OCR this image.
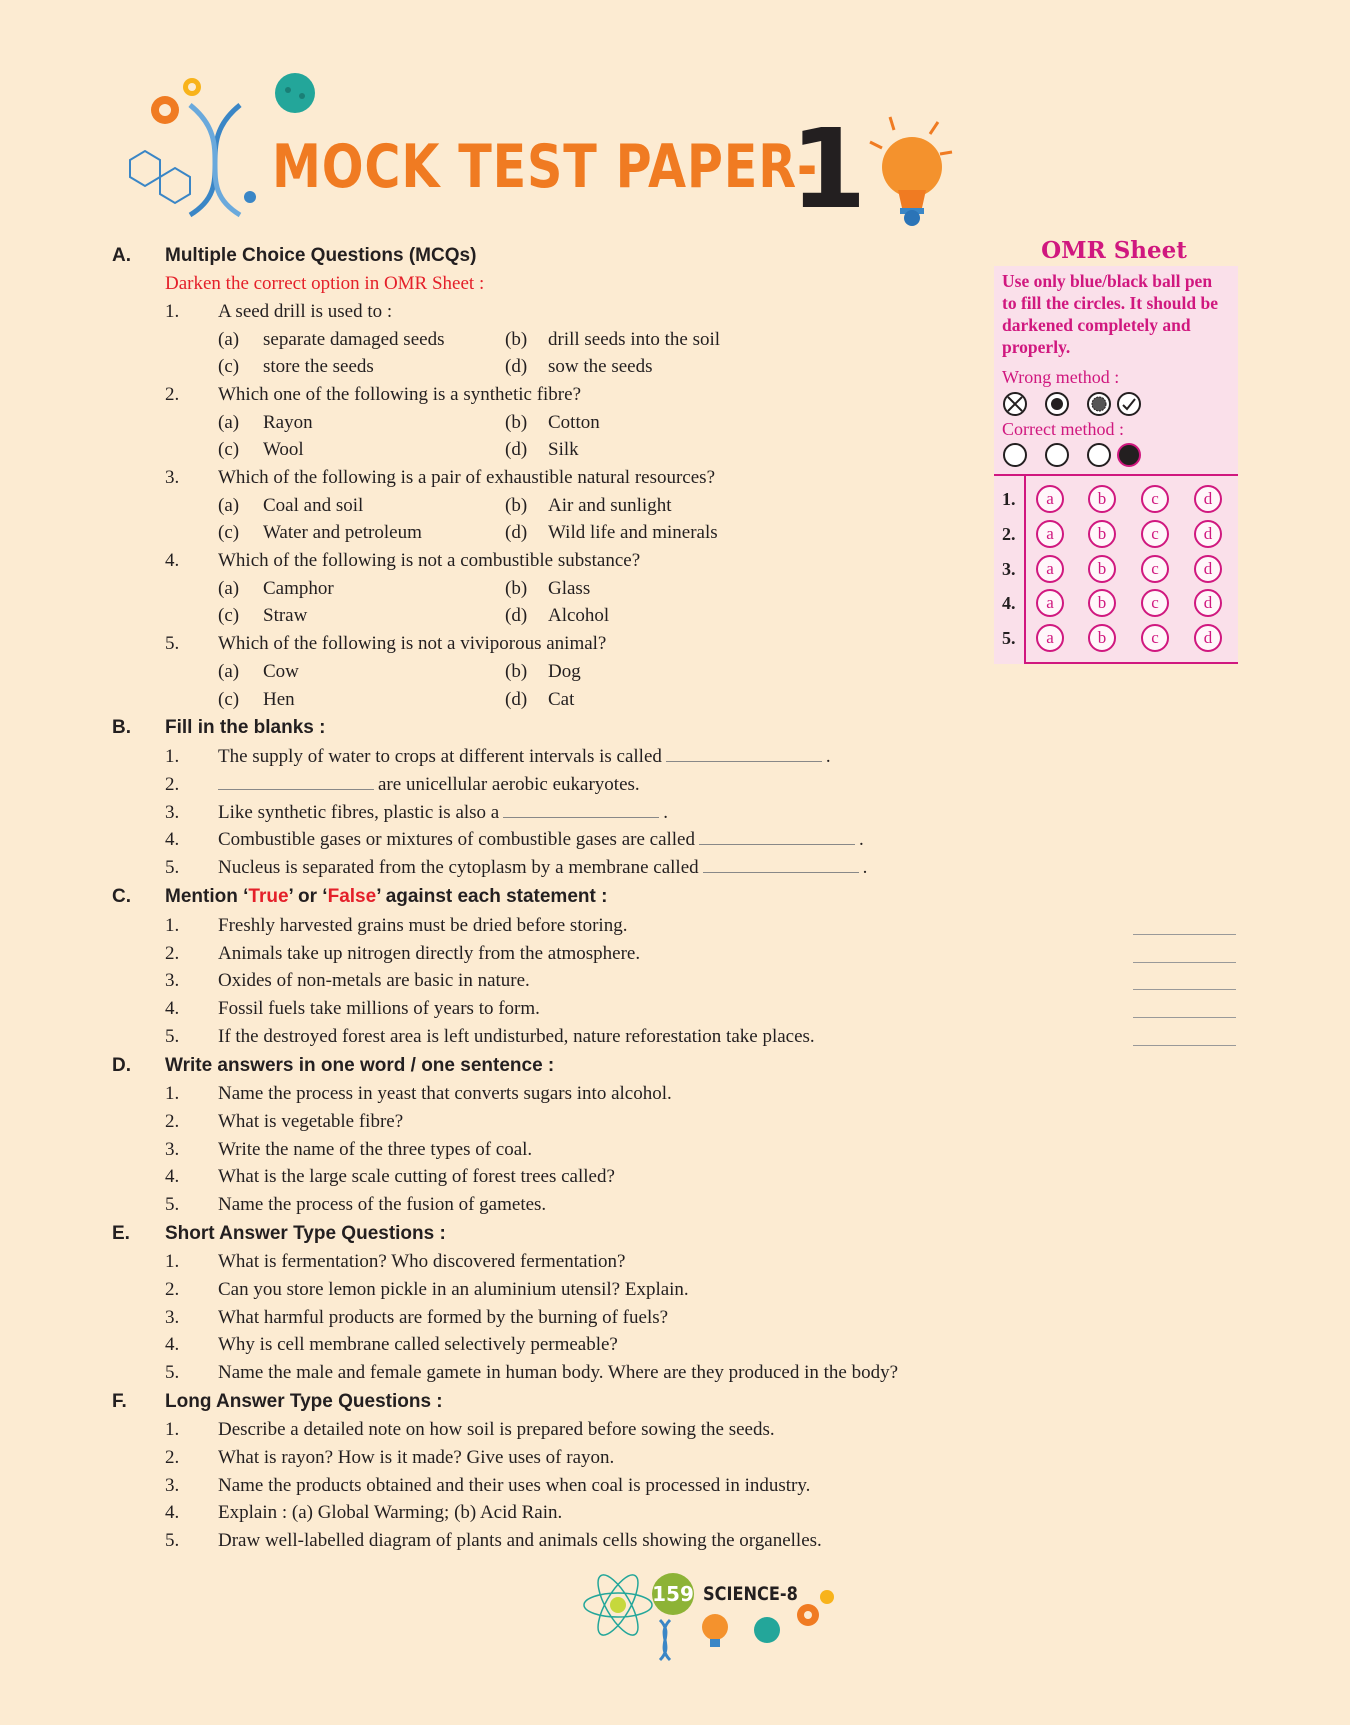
MOCK TEST PAPER-
1
A. Multiple Choice Questions (MCQs)
Darken the correct option in OMR Sheet :
1. A seed drill is used to :
(a) separate damaged seeds	(b) drill seeds into the soil
(c) store the seeds	(d) sow the seeds
2. Which one of the following is a synthetic fibre?
(a) Rayon	(b) Cotton
(c) Wool	(d) Silk
3. Which of the following is a pair of exhaustible natural resources?
(a) Coal and soil	(b) Air and sunlight
(c) Water and petroleum	(d) Wild life and minerals
4. Which of the following is not a combustible substance?
(a) Camphor	(b) Glass
(c) Straw	(d) Alcohol
5. Which of the following is not a viviporous animal?
(a) Cow	(b) Dog
(c) Hen	(d) Cat
B. Fill in the blanks :
1. The supply of water to crops at different intervals is called	.
2.	are unicellular aerobic eukaryotes.
3. Like synthetic fibres, plastic is also a	.
4. Combustible gases or mixtures of combustible gases are called	.
5. Nucleus is separated from the cytoplasm by a membrane called	.
C. Mention ‘True’ or ‘False’ against each statement :
1. Freshly harvested grains must be dried before storing.
2. Animals take up nitrogen directly from the atmosphere.
3. Oxides of non-metals are basic in nature.
4. Fossil fuels take millions of years to form.
5. If the destroyed forest area is left undisturbed, nature reforestation take places.
D. Write answers in one word / one sentence :
1. Name the process in yeast that converts sugars into alcohol.
2. What is vegetable fibre?
3. Write the name of the three types of coal.
4. What is the large scale cutting of forest trees called?
5. Name the process of the fusion of gametes.
E. Short Answer Type Questions :
1. What is fermentation? Who discovered fermentation?
2. Can you store lemon pickle in an aluminium utensil? Explain.
3. What harmful products are formed by the burning of fuels?
4. Why is cell membrane called selectively permeable?
5. Name the male and female gamete in human body. Where are they produced in the body?
F. Long Answer Type Questions :
1. Describe a detailed note on how soil is prepared before sowing the seeds.
2. What is rayon? How is it made? Give uses of rayon.
3. Name the products obtained and their uses when coal is processed in industry.
4. Explain : (a) Global Warming; (b) Acid Rain.
5. Draw well-labelled diagram of plants and animals cells showing the organelles.
OMR Sheet
Use only blue/black ball pen to fill the circles. It should be darkened completely and properly.
Wrong method :
Correct method :
1.	a	b	c	d
2.	a	b	c	d
3.	a	b	c	d
4.	a	b	c	d
5.	a	b	c	d
159 SCIENCE-8
